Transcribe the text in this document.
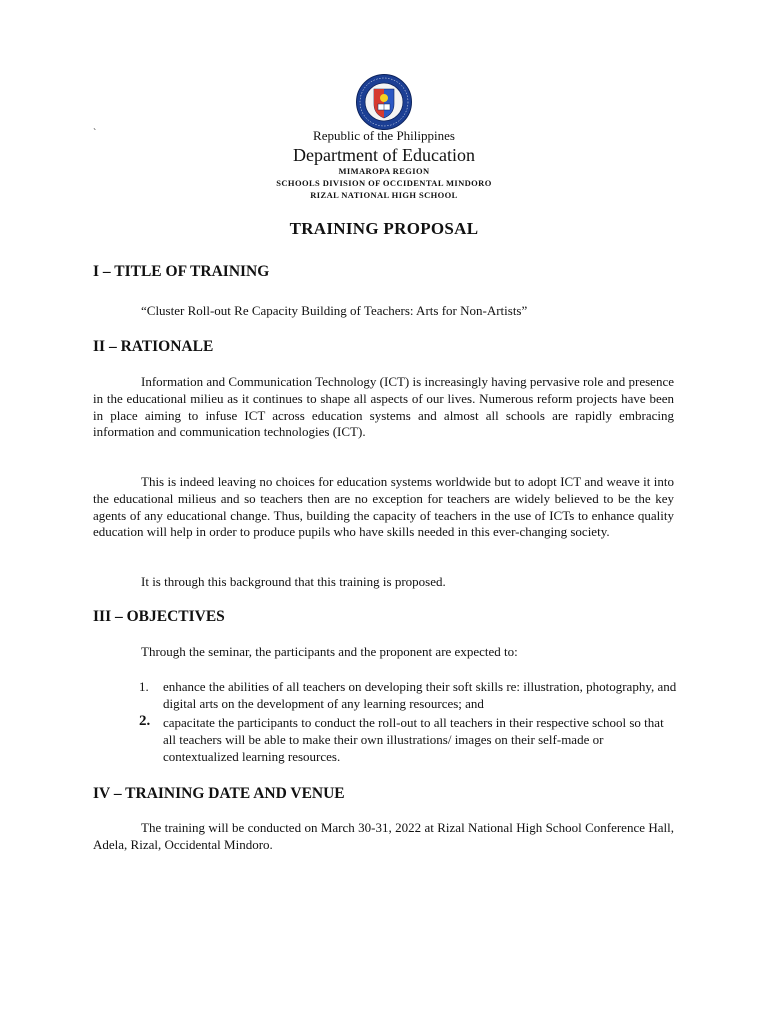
`	Republic of the Philippines
Department of Education
MIMAROPA REGION
SCHOOLS DIVISION OF OCCIDENTAL MINDORO
RIZAL NATIONAL HIGH SCHOOL
TRAINING PROPOSAL
I – TITLE OF TRAINING

“Cluster Roll-out Re Capacity Building of Teachers: Arts for Non-Artists”

II – RATIONALE

Information and Communication Technology (ICT) is increasingly having pervasive role and presence in the educational milieu as it continues to shape all aspects of our lives. Numerous reform projects have been in place aiming to infuse ICT across education systems and almost all schools are rapidly embracing information and communication technologies (ICT).

This is indeed leaving no choices for education systems worldwide but to adopt ICT and weave it into the educational milieus and so teachers then are no exception for teachers are widely believed to be the key agents of any educational change. Thus, building the capacity of teachers in the use of ICTs to enhance quality education will help in order to produce pupils who have skills needed in this ever-changing society.

It is through this background that this training is proposed.

III – OBJECTIVES

Through the seminar, the participants and the proponent are expected to:

1. enhance the abilities of all teachers on developing their soft skills re: illustration, photography, and digital arts on the development of any learning resources; and
2. capacitate the participants to conduct the roll-out to all teachers in their respective school so that all teachers will be able to make their own illustrations/ images on their self-made or contextualized learning resources.
IV – TRAINING DATE AND VENUE

The training will be conducted on March 30-31, 2022 at Rizal National High School Conference Hall, Adela, Rizal, Occidental Mindoro.
